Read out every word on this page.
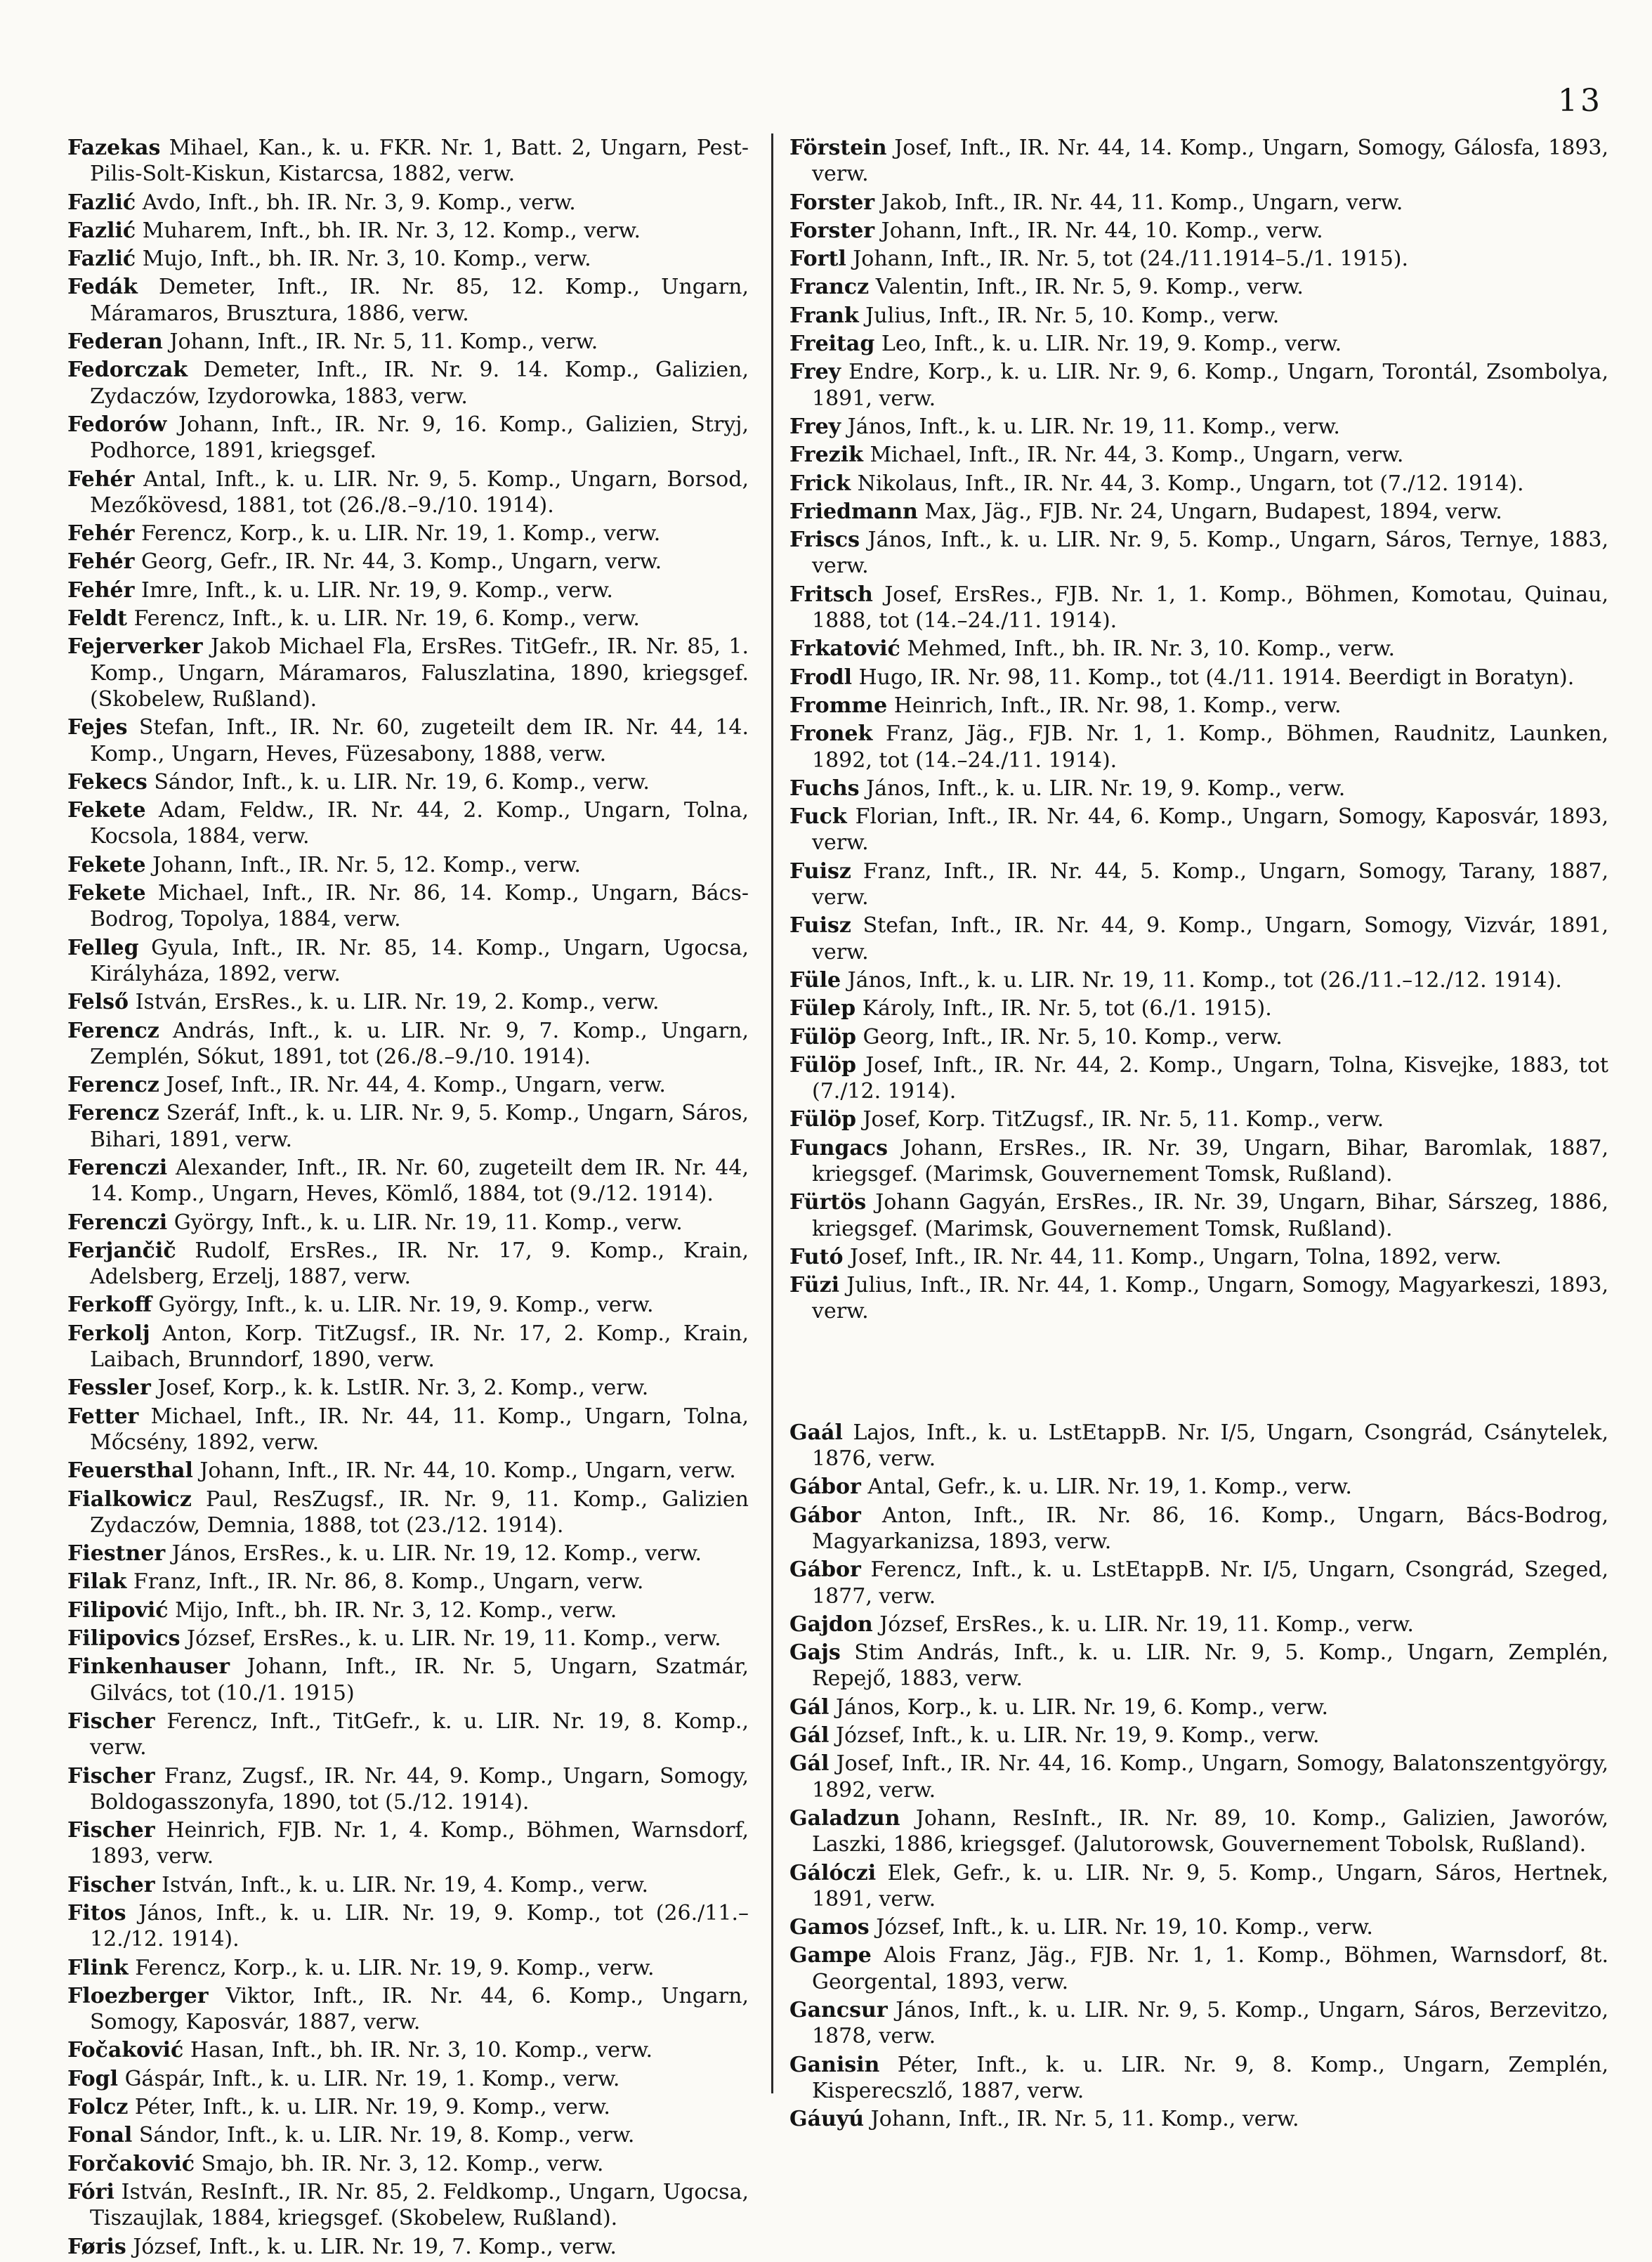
13

Fazekas Mihael, Kan., k. u. FKR. Nr. 1, Batt. 2, Ungarn, Pest-Pilis-Solt-Kiskun, Kistarcsa, 1882, verw.

Fazlić Avdo, Inft., bh. IR. Nr. 3, 9. Komp., verw.

Fazlić Muharem, Inft., bh. IR. Nr. 3, 12. Komp., verw.

Fazlić Mujo, Inft., bh. IR. Nr. 3, 10. Komp., verw.

Fedák Demeter, Inft., IR. Nr. 85, 12. Komp., Ungarn, Máramaros, Brusztura, 1886, verw.

Federan Johann, Inft., IR. Nr. 5, 11. Komp., verw.

Fedorczak Demeter, Inft., IR. Nr. 9. 14. Komp., Galizien, Zydaczów, Izydorowka, 1883, verw.

Fedorów Johann, Inft., IR. Nr. 9, 16. Komp., Galizien, Stryj, Podhorce, 1891, kriegsgef.

Fehér Antal, Inft., k. u. LIR. Nr. 9, 5. Komp., Ungarn, Borsod, Mezőkövesd, 1881, tot (26./8.–9./10. 1914).

Fehér Ferencz, Korp., k. u. LIR. Nr. 19, 1. Komp., verw.

Fehér Georg, Gefr., IR. Nr. 44, 3. Komp., Ungarn, verw.

Fehér Imre, Inft., k. u. LIR. Nr. 19, 9. Komp., verw.

Feldt Ferencz, Inft., k. u. LIR. Nr. 19, 6. Komp., verw.

Fejerverker Jakob Michael Fla, ErsRes. TitGefr., IR. Nr. 85, 1. Komp., Ungarn, Máramaros, Faluszlatina, 1890, kriegsgef. (Skobelew, Rußland).

Fejes Stefan, Inft., IR. Nr. 60, zugeteilt dem IR. Nr. 44, 14. Komp., Ungarn, Heves, Füzesabony, 1888, verw.

Fekecs Sándor, Inft., k. u. LIR. Nr. 19, 6. Komp., verw.

Fekete Adam, Feldw., IR. Nr. 44, 2. Komp., Ungarn, Tolna, Kocsola, 1884, verw.

Fekete Johann, Inft., IR. Nr. 5, 12. Komp., verw.

Fekete Michael, Inft., IR. Nr. 86, 14. Komp., Ungarn, Bács-Bodrog, Topolya, 1884, verw.

Felleg Gyula, Inft., IR. Nr. 85, 14. Komp., Ungarn, Ugocsa, Királyháza, 1892, verw.

Felső István, ErsRes., k. u. LIR. Nr. 19, 2. Komp., verw.

Ferencz András, Inft., k. u. LIR. Nr. 9, 7. Komp., Ungarn, Zemplén, Sókut, 1891, tot (26./8.–9./10. 1914).

Ferencz Josef, Inft., IR. Nr. 44, 4. Komp., Ungarn, verw.

Ferencz Szeráf, Inft., k. u. LIR. Nr. 9, 5. Komp., Ungarn, Sáros, Bihari, 1891, verw.

Ferenczi Alexander, Inft., IR. Nr. 60, zugeteilt dem IR. Nr. 44, 14. Komp., Ungarn, Heves, Kömlő, 1884, tot (9./12. 1914).

Ferenczi György, Inft., k. u. LIR. Nr. 19, 11. Komp., verw.

Ferjančič Rudolf, ErsRes., IR. Nr. 17, 9. Komp., Krain, Adelsberg, Erzelj, 1887, verw.

Ferkoff György, Inft., k. u. LIR. Nr. 19, 9. Komp., verw.

Ferkolj Anton, Korp. TitZugsf., IR. Nr. 17, 2. Komp., Krain, Laibach, Brunndorf, 1890, verw.

Fessler Josef, Korp., k. k. LstIR. Nr. 3, 2. Komp., verw.

Fetter Michael, Inft., IR. Nr. 44, 11. Komp., Ungarn, Tolna, Mőcsény, 1892, verw.

Feuersthal Johann, Inft., IR. Nr. 44, 10. Komp., Ungarn, verw.

Fialkowicz Paul, ResZugsf., IR. Nr. 9, 11. Komp., Galizien Zydaczów, Demnia, 1888, tot (23./12. 1914).

Fiestner János, ErsRes., k. u. LIR. Nr. 19, 12. Komp., verw.

Filak Franz, Inft., IR. Nr. 86, 8. Komp., Ungarn, verw.

Filipović Mijo, Inft., bh. IR. Nr. 3, 12. Komp., verw.

Filipovics József, ErsRes., k. u. LIR. Nr. 19, 11. Komp., verw.

Finkenhauser Johann, Inft., IR. Nr. 5, Ungarn, Szatmár, Gilvács, tot (10./1. 1915)

Fischer Ferencz, Inft., TitGefr., k. u. LIR. Nr. 19, 8. Komp., verw.

Fischer Franz, Zugsf., IR. Nr. 44, 9. Komp., Ungarn, Somogy, Boldogasszonyfa, 1890, tot (5./12. 1914).

Fischer Heinrich, FJB. Nr. 1, 4. Komp., Böhmen, Warnsdorf, 1893, verw.

Fischer István, Inft., k. u. LIR. Nr. 19, 4. Komp., verw.

Fitos János, Inft., k. u. LIR. Nr. 19, 9. Komp., tot (26./11.–12./12. 1914).

Flink Ferencz, Korp., k. u. LIR. Nr. 19, 9. Komp., verw.

Floezberger Viktor, Inft., IR. Nr. 44, 6. Komp., Ungarn, Somogy, Kaposvár, 1887, verw.

Fočaković Hasan, Inft., bh. IR. Nr. 3, 10. Komp., verw.

Fogl Gáspár, Inft., k. u. LIR. Nr. 19, 1. Komp., verw.

Folcz Péter, Inft., k. u. LIR. Nr. 19, 9. Komp., verw.

Fonal Sándor, Inft., k. u. LIR. Nr. 19, 8. Komp., verw.

Forčaković Smajo, bh. IR. Nr. 3, 12. Komp., verw.

Fóri István, ResInft., IR. Nr. 85, 2. Feldkomp., Ungarn, Ugocsa, Tiszaujlak, 1884, kriegsgef. (Skobelew, Rußland).

Føris József, Inft., k. u. LIR. Nr. 19, 7. Komp., verw.

Förstein Josef, Inft., IR. Nr. 44, 14. Komp., Ungarn, Somogy, Gálosfa, 1893, verw.

Forster Jakob, Inft., IR. Nr. 44, 11. Komp., Ungarn, verw.

Forster Johann, Inft., IR. Nr. 44, 10. Komp., verw.

Fortl Johann, Inft., IR. Nr. 5, tot (24./11.1914–5./1. 1915).

Francz Valentin, Inft., IR. Nr. 5, 9. Komp., verw.

Frank Julius, Inft., IR. Nr. 5, 10. Komp., verw.

Freitag Leo, Inft., k. u. LIR. Nr. 19, 9. Komp., verw.

Frey Endre, Korp., k. u. LIR. Nr. 9, 6. Komp., Ungarn, Torontál, Zsombolya, 1891, verw.

Frey János, Inft., k. u. LIR. Nr. 19, 11. Komp., verw.

Frezik Michael, Inft., IR. Nr. 44, 3. Komp., Ungarn, verw.

Frick Nikolaus, Inft., IR. Nr. 44, 3. Komp., Ungarn, tot (7./12. 1914).

Friedmann Max, Jäg., FJB. Nr. 24, Ungarn, Budapest, 1894, verw.

Friscs János, Inft., k. u. LIR. Nr. 9, 5. Komp., Ungarn, Sáros, Ternye, 1883, verw.

Fritsch Josef, ErsRes., FJB. Nr. 1, 1. Komp., Böhmen, Komotau, Quinau, 1888, tot (14.–24./11. 1914).

Frkatović Mehmed, Inft., bh. IR. Nr. 3, 10. Komp., verw.

Frodl Hugo, IR. Nr. 98, 11. Komp., tot (4./11. 1914. Beerdigt in Boratyn).

Fromme Heinrich, Inft., IR. Nr. 98, 1. Komp., verw.

Fronek Franz, Jäg., FJB. Nr. 1, 1. Komp., Böhmen, Raudnitz, Launken, 1892, tot (14.–24./11. 1914).

Fuchs János, Inft., k. u. LIR. Nr. 19, 9. Komp., verw.

Fuck Florian, Inft., IR. Nr. 44, 6. Komp., Ungarn, Somogy, Kaposvár, 1893, verw.

Fuisz Franz, Inft., IR. Nr. 44, 5. Komp., Ungarn, Somogy, Tarany, 1887, verw.

Fuisz Stefan, Inft., IR. Nr. 44, 9. Komp., Ungarn, Somogy, Vizvár, 1891, verw.

Füle János, Inft., k. u. LIR. Nr. 19, 11. Komp., tot (26./11.–12./12. 1914).

Fülep Károly, Inft., IR. Nr. 5, tot (6./1. 1915).

Fülöp Georg, Inft., IR. Nr. 5, 10. Komp., verw.

Fülöp Josef, Inft., IR. Nr. 44, 2. Komp., Ungarn, Tolna, Kisvejke, 1883, tot (7./12. 1914).

Fülöp Josef, Korp. TitZugsf., IR. Nr. 5, 11. Komp., verw.

Fungacs Johann, ErsRes., IR. Nr. 39, Ungarn, Bihar, Baromlak, 1887, kriegsgef. (Marimsk, Gouvernement Tomsk, Rußland).

Fürtös Johann Gagyán, ErsRes., IR. Nr. 39, Ungarn, Bihar, Sárszeg, 1886, kriegsgef. (Marimsk, Gouvernement Tomsk, Rußland).

Futó Josef, Inft., IR. Nr. 44, 11. Komp., Ungarn, Tolna, 1892, verw.

Füzi Julius, Inft., IR. Nr. 44, 1. Komp., Ungarn, Somogy, Magyarkeszi, 1893, verw.

Gaál Lajos, Inft., k. u. LstEtappB. Nr. I/5, Ungarn, Csongrád, Csánytelek, 1876, verw.

Gábor Antal, Gefr., k. u. LIR. Nr. 19, 1. Komp., verw.

Gábor Anton, Inft., IR. Nr. 86, 16. Komp., Ungarn, Bács-Bodrog, Magyarkanizsa, 1893, verw.

Gábor Ferencz, Inft., k. u. LstEtappB. Nr. I/5, Ungarn, Csongrád, Szeged, 1877, verw.

Gajdon József, ErsRes., k. u. LIR. Nr. 19, 11. Komp., verw.

Gajs Stim András, Inft., k. u. LIR. Nr. 9, 5. Komp., Ungarn, Zemplén, Repejő, 1883, verw.

Gál János, Korp., k. u. LIR. Nr. 19, 6. Komp., verw.

Gál József, Inft., k. u. LIR. Nr. 19, 9. Komp., verw.

Gál Josef, Inft., IR. Nr. 44, 16. Komp., Ungarn, Somogy, Balatonszentgyörgy, 1892, verw.

Galadzun Johann, ResInft., IR. Nr. 89, 10. Komp., Galizien, Jaworów, Laszki, 1886, kriegsgef. (Jalutorowsk, Gouvernement Tobolsk, Rußland).

Gálóczi Elek, Gefr., k. u. LIR. Nr. 9, 5. Komp., Ungarn, Sáros, Hertnek, 1891, verw.

Gamos József, Inft., k. u. LIR. Nr. 19, 10. Komp., verw.

Gampe Alois Franz, Jäg., FJB. Nr. 1, 1. Komp., Böhmen, Warnsdorf, 8t. Georgental, 1893, verw.

Gancsur János, Inft., k. u. LIR. Nr. 9, 5. Komp., Ungarn, Sáros, Berzevitzo, 1878, verw.

Ganisin Péter, Inft., k. u. LIR. Nr. 9, 8. Komp., Ungarn, Zemplén, Kisperecszlő, 1887, verw.

Gáuyú Johann, Inft., IR. Nr. 5, 11. Komp., verw.
